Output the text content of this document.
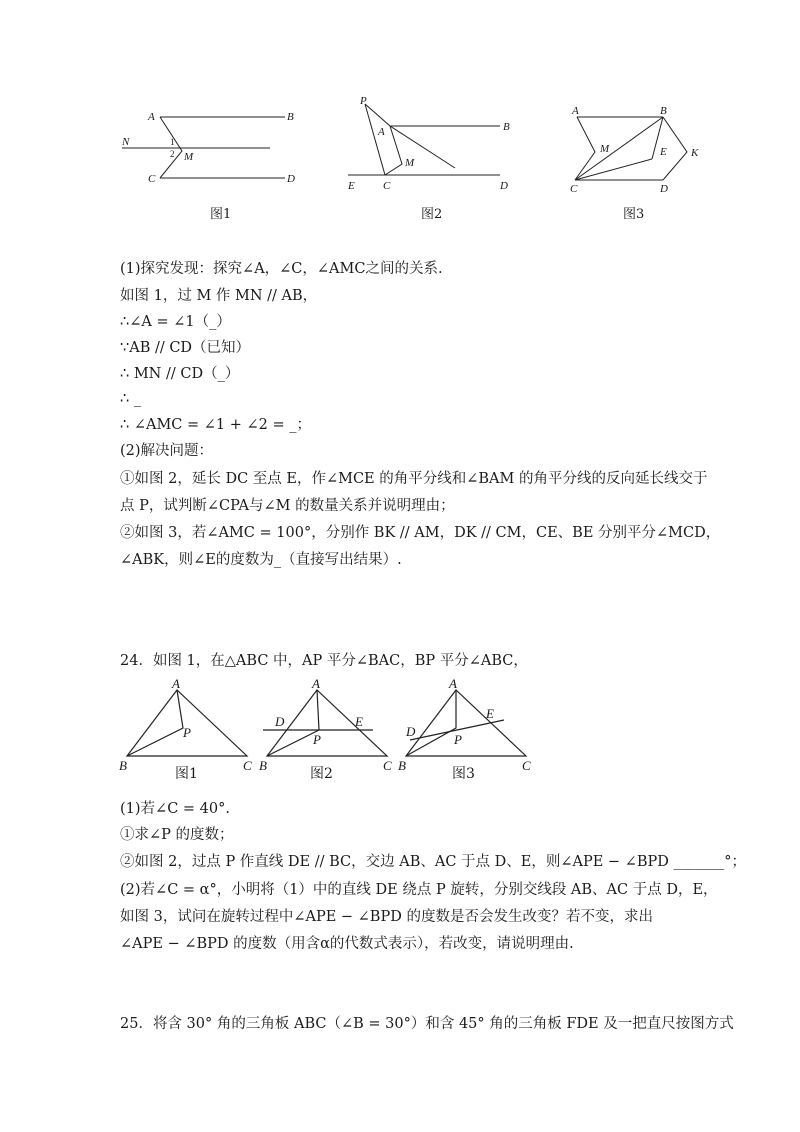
A	B
N	1
2 M
C	D
图1
P
A	B
M
E	C	D
图2
A	B
M	E K
C	D
图3
(1)探究发现：探究∠A，∠C，∠AMC之间的关系.
如图 1，过 M 作 MN // AB，
∴∠A = ∠1（_）
∵AB // CD（已知）
∴ MN // CD（_）
∴ _
∴ ∠AMC = ∠1 + ∠2 = _；
(2)解决问题：
①如图 2，延长 DC 至点 E，作∠MCE 的角平分线和∠BAM 的角平分线的反向延长线交于
点 P，试判断∠CPA与∠M 的数量关系并说明理由；
②如图 3，若∠AMC = 100°，分别作 BK // AM，DK // CM，CE、BE 分别平分∠MCD，
∠ABK，则∠E的度数为_（直接写出结果）.
24．如图 1，在△ABC 中，AP 平分∠BAC，BP 平分∠ABC，
A
P
B	C
图1
A
D	E
P
B	C
图2
A
E
D
P
B	C
图3
(1)若∠C = 40°.
①求∠P 的度数；
②如图 2，过点 P 作直线 DE // BC，交边 AB、AC 于点 D、E，则∠APE − ∠BPD _______°；
(2)若∠C = α°，小明将（1）中的直线 DE 绕点 P 旋转，分别交线段 AB、AC 于点 D，E，
如图 3，试问在旋转过程中∠APE − ∠BPD 的度数是否会发生改变？若不变，求出
∠APE − ∠BPD 的度数（用含α的代数式表示），若改变，请说明理由.
25．将含 30° 角的三角板 ABC（∠B = 30°）和含 45° 角的三角板 FDE 及一把直尺按图方式
